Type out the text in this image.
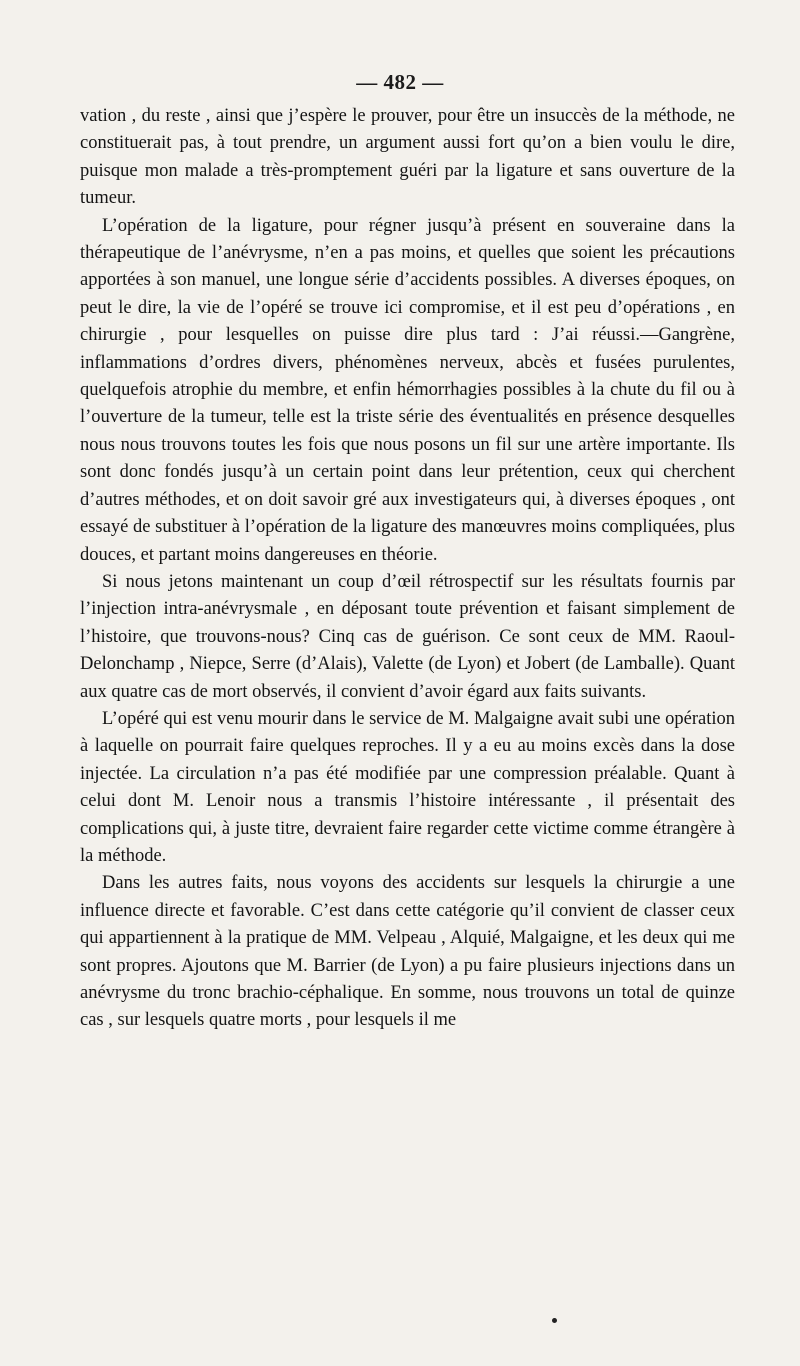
— 482 —

vation , du reste , ainsi que j’espère le prouver, pour être un insuccès de la méthode, ne constituerait pas, à tout prendre, un argument aussi fort qu’on a bien voulu le dire, puisque mon malade a très-promptement guéri par la ligature et sans ouverture de la tumeur.

L’opération de la ligature, pour régner jusqu’à présent en souveraine dans la thérapeutique de l’anévrysme, n’en a pas moins, et quelles que soient les précautions apportées à son manuel, une longue série d’accidents possibles. A diverses époques, on peut le dire, la vie de l’opéré se trouve ici compromise, et il est peu d’opérations , en chirurgie , pour lesquelles on puisse dire plus tard : J’ai réussi.—Gangrène, inflammations d’ordres divers, phénomènes nerveux, abcès et fusées purulentes, quelquefois atrophie du membre, et enfin hémorrhagies possibles à la chute du fil ou à l’ouverture de la tumeur, telle est la triste série des éventualités en présence desquelles nous nous trouvons toutes les fois que nous posons un fil sur une artère importante. Ils sont donc fondés jusqu’à un certain point dans leur prétention, ceux qui cherchent d’autres méthodes, et on doit savoir gré aux investigateurs qui, à diverses époques , ont essayé de substituer à l’opération de la ligature des manœuvres moins compliquées, plus douces, et partant moins dangereuses en théorie.

Si nous jetons maintenant un coup d’œil rétrospectif sur les résultats fournis par l’injection intra-anévrysmale , en déposant toute prévention et faisant simplement de l’histoire, que trouvons-nous? Cinq cas de guérison. Ce sont ceux de MM. Raoul-Delonchamp , Niepce, Serre (d’Alais), Valette (de Lyon) et Jobert (de Lamballe). Quant aux quatre cas de mort observés, il convient d’avoir égard aux faits suivants.

L’opéré qui est venu mourir dans le service de M. Malgaigne avait subi une opération à laquelle on pourrait faire quelques reproches. Il y a eu au moins excès dans la dose injectée. La circulation n’a pas été modifiée par une compression préalable. Quant à celui dont M. Lenoir nous a transmis l’histoire intéressante , il présentait des complications qui, à juste titre, devraient faire regarder cette victime comme étrangère à la méthode.

Dans les autres faits, nous voyons des accidents sur lesquels la chirurgie a une influence directe et favorable. C’est dans cette catégorie qu’il convient de classer ceux qui appartiennent à la pratique de MM. Velpeau , Alquié, Malgaigne, et les deux qui me sont propres. Ajoutons que M. Barrier (de Lyon) a pu faire plusieurs injections dans un anévrysme du tronc brachio-céphalique. En somme, nous trouvons un total de quinze cas , sur lesquels quatre morts , pour lesquels il me
